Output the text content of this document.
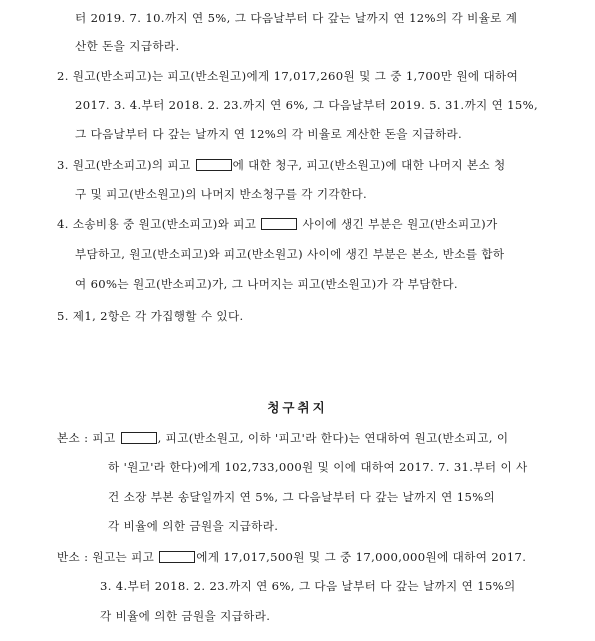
터 2019. 7. 10.까지 연 5%, 그 다음날부터 다 갚는 날까지 연 12%의 각 비율로 계
산한 돈을 지급하라.
2. 원고(반소피고)는 피고(반소원고)에게 17,017,260원 및 그 중 1,700만 원에 대하여
2017. 3. 4.부터 2018. 2. 23.까지 연 6%, 그 다음날부터 2019. 5. 31.까지 연 15%,
그 다음날부터 다 갚는 날까지 연 12%의 각 비율로 계산한 돈을 지급하라.
3. 원고(반소피고)의 피고	에 대한 청구, 피고(반소원고)에 대한 나머지 본소 청
구 및 피고(반소원고)의 나머지 반소청구를 각 기각한다.
4. 소송비용 중 원고(반소피고)와 피고	사이에 생긴 부분은 원고(반소피고)가
부담하고, 원고(반소피고)와 피고(반소원고) 사이에 생긴 부분은 본소, 반소를 합하
여 60%는 원고(반소피고)가, 그 나머지는 피고(반소원고)가 각 부담한다.
5. 제1, 2항은 각 가집행할 수 있다.
청구취지
본소 : 피고	, 피고(반소원고, 이하 '피고'라 한다)는 연대하여 원고(반소피고, 이
하 '원고'라 한다)에게 102,733,000원 및 이에 대하여 2017. 7. 31.부터 이 사
건 소장 부본 송달일까지 연 5%, 그 다음날부터 다 갚는 날까지 연 15%의
각 비율에 의한 금원을 지급하라.
반소 : 원고는 피고	에게 17,017,500원 및 그 중 17,000,000원에 대하여 2017.
3. 4.부터 2018. 2. 23.까지 연 6%, 그 다음 날부터 다 갚는 날까지 연 15%의
각 비율에 의한 금원을 지급하라.
